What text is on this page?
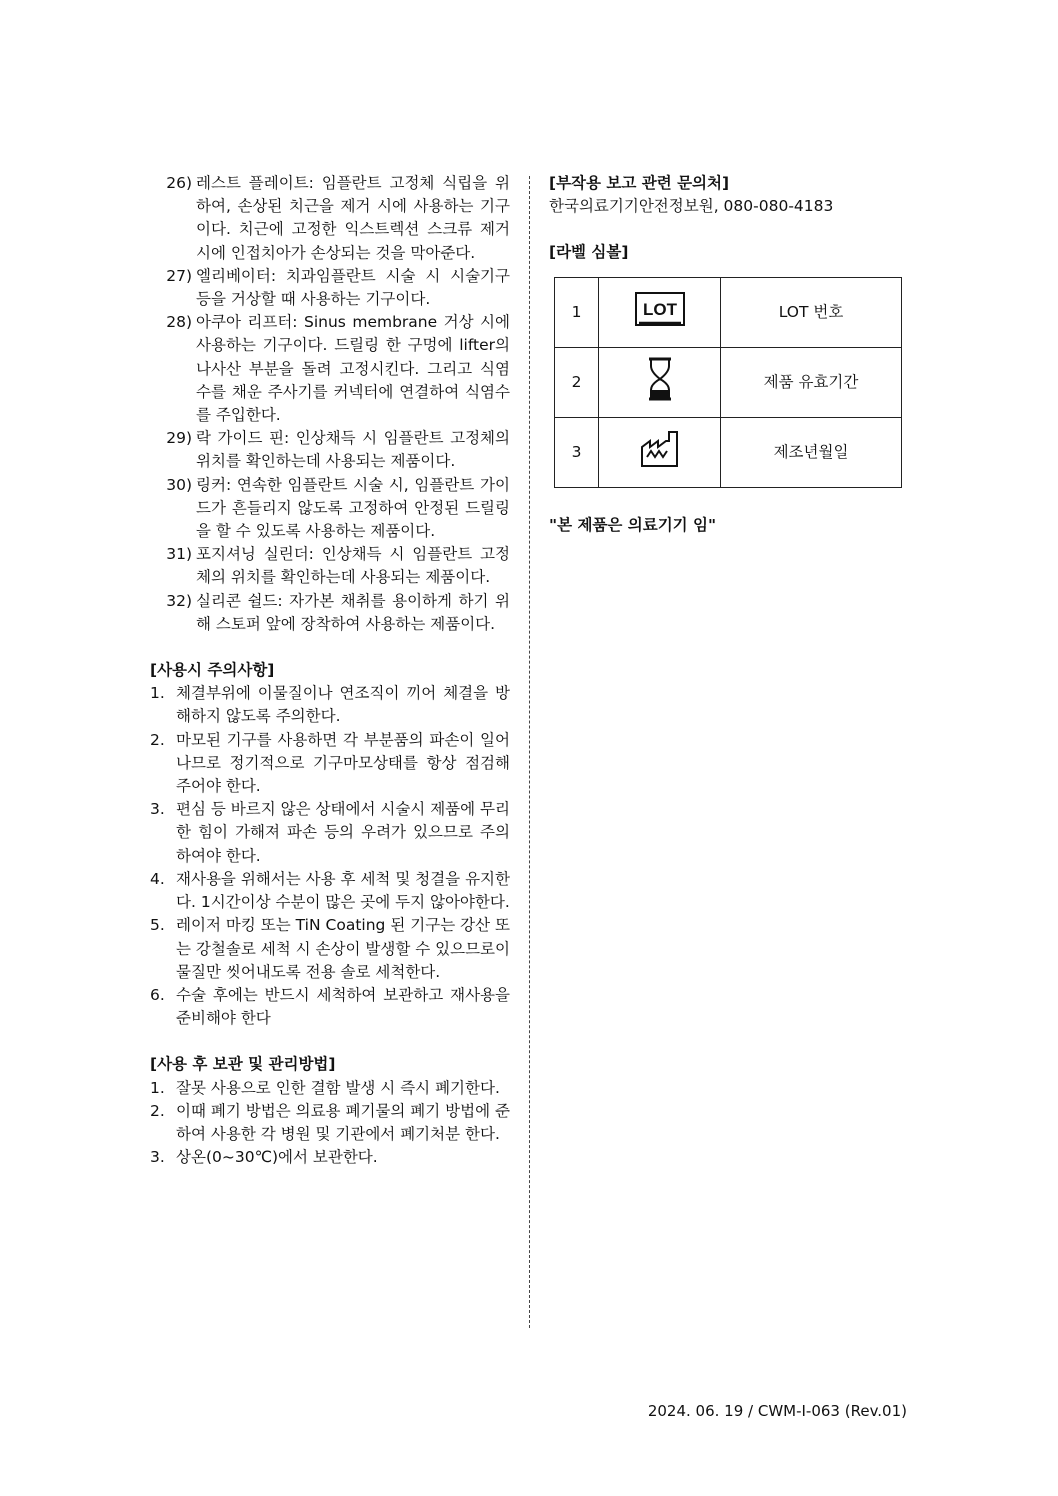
26) 레스트 플레이트: 임플란트 고정체 식립을 위하여, 손상된 치근을 제거 시에 사용하는 기구이다. 치근에 고정한 익스트렉션 스크류 제거 시에 인접치아가 손상되는 것을 막아준다.
27) 엘리베이터: 치과임플란트 시술 시 시술기구 등을 거상할 때 사용하는 기구이다.
28) 아쿠아 리프터: Sinus membrane 거상 시에 사용하는 기구이다. 드릴링 한 구멍에 lifter의 나사산 부분을 돌려 고정시킨다. 그리고 식염수를 채운 주사기를 커넥터에 연결하여 식염수를 주입한다.
29) 락 가이드 핀: 인상채득 시 임플란트 고정체의 위치를 확인하는데 사용되는 제품이다.
30) 링커: 연속한 임플란트 시술 시, 임플란트 가이드가 흔들리지 않도록 고정하여 안정된 드릴링을 할 수 있도록 사용하는 제품이다.
31) 포지셔닝 실린더: 인상채득 시 임플란트 고정체의 위치를 확인하는데 사용되는 제품이다.
32) 실리콘 쉴드: 자가본 채취를 용이하게 하기 위해 스토퍼 앞에 장착하여 사용하는 제품이다.
[사용시 주의사항]
1. 체결부위에 이물질이나 연조직이 끼어 체결을 방해하지 않도록 주의한다.
2. 마모된 기구를 사용하면 각 부분품의 파손이 일어나므로 정기적으로 기구마모상태를 항상 점검해주어야 한다.
3. 편심 등 바르지 않은 상태에서 시술시 제품에 무리한 힘이 가해져 파손 등의 우려가 있으므로 주의 하여야 한다.
4. 재사용을 위해서는 사용 후 세척 및 청결을 유지한다. 1시간이상 수분이 많은 곳에 두지 않아야한다.
5. 레이저 마킹 또는 TiN Coating 된 기구는 강산 또는 강철솔로 세척 시 손상이 발생할 수 있으므로이 물질만 씻어내도록 전용 솔로 세척한다.
6. 수술 후에는 반드시 세척하여 보관하고 재사용을 준비해야 한다
[사용 후 보관 및 관리방법]
1. 잘못 사용으로 인한 결함 발생 시 즉시 폐기한다.
2. 이때 폐기 방법은 의료용 폐기물의 폐기 방법에 준하여 사용한 각 병원 및 기관에서 폐기처분 한다.
3. 상온(0~30℃)에서 보관한다.
[부작용 보고 관련 문의처]
한국의료기기안전정보원, 080-080-4183
[라벨 심볼]
1	LOT	LOT 번호
2		제품 유효기간
3		제조년월일
"본 제품은 의료기기 임"
2024. 06. 19 / CWM-I-063 (Rev.01)
